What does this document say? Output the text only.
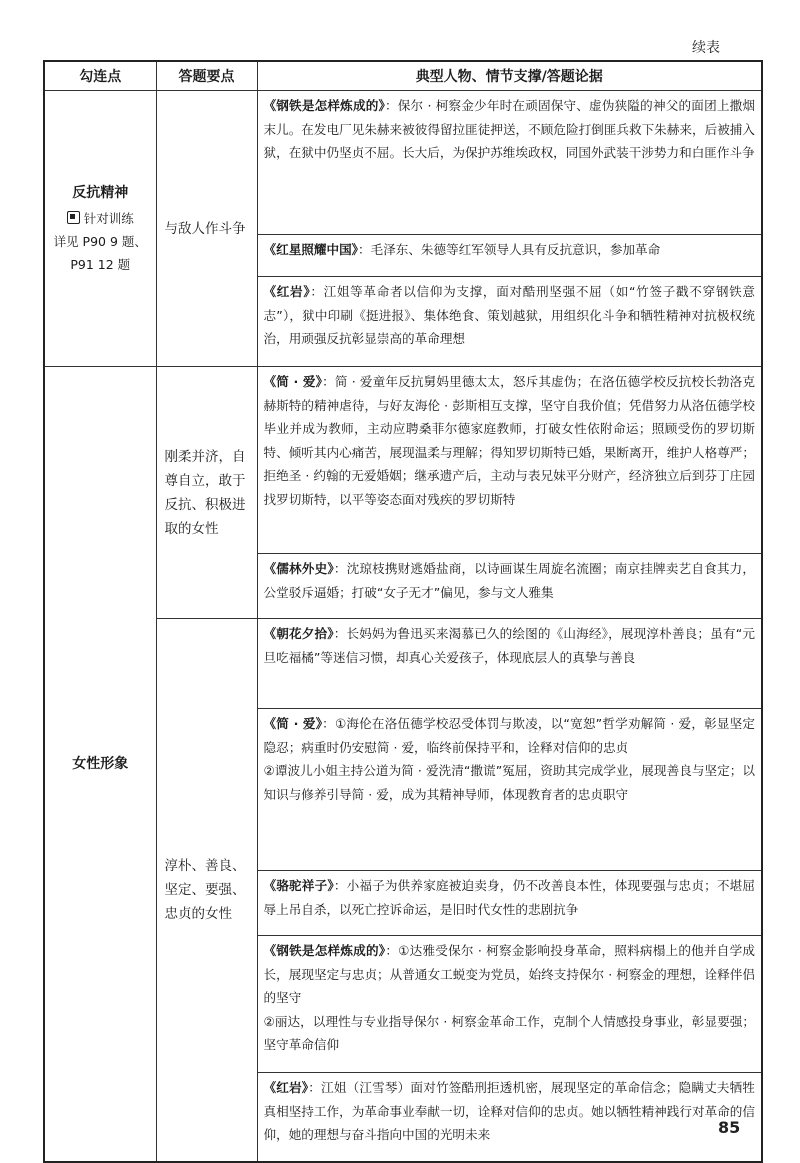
续表
勾连点	答题要点	典型人物、情节支撑/答题论据
反抗精神
针对训练
详见 P90 9 题、
P91 12 题	与敌人作斗争	《钢铁是怎样炼成的》：保尔 · 柯察金少年时在顽固保守、虚伪狭隘的神父的面团上撒烟末儿。在发电厂见朱赫来被彼得留拉匪徒押送，不顾危险打倒匪兵救下朱赫来，后被捕入狱，在狱中仍坚贞不屈。长大后，为保护苏维埃政权，同国外武装干涉势力和白匪作斗争
		《红星照耀中国》：毛泽东、朱德等红军领导人具有反抗意识，参加革命
		《红岩》：江姐等革命者以信仰为支撑，面对酷刑坚强不屈（如“竹签子戳不穿钢铁意志”），狱中印刷《挺进报》、集体绝食、策划越狱，用组织化斗争和牺牲精神对抗极权统治，用顽强反抗彰显崇高的革命理想
女性形象	刚柔并济，自尊自立，敢于反抗、积极进取的女性	《简 · 爱》：简 · 爱童年反抗舅妈里德太太，怒斥其虚伪；在洛伍德学校反抗校长勃洛克赫斯特的精神虐待，与好友海伦 · 彭斯相互支撑，坚守自我价值；凭借努力从洛伍德学校毕业并成为教师，主动应聘桑菲尔德家庭教师，打破女性依附命运；照顾受伤的罗切斯特、倾听其内心痛苦，展现温柔与理解；得知罗切斯特已婚，果断离开，维护人格尊严；拒绝圣 · 约翰的无爱婚姻；继承遗产后，主动与表兄妹平分财产，经济独立后到芬丁庄园找罗切斯特，以平等姿态面对残疾的罗切斯特
		《儒林外史》：沈琼枝携财逃婚盐商，以诗画谋生周旋名流圈；南京挂牌卖艺自食其力，公堂驳斥逼婚；打破“女子无才”偏见，参与文人雅集
	淳朴、善良、坚定、要强、忠贞的女性	《朝花夕拾》：长妈妈为鲁迅买来渴慕已久的绘图的《山海经》，展现淳朴善良；虽有“元旦吃福橘”等迷信习惯，却真心关爱孩子，体现底层人的真挚与善良
		《简 · 爱》：①海伦在洛伍德学校忍受体罚与欺凌，以“宽恕”哲学劝解简 · 爱，彰显坚定隐忍；病重时仍安慰简 · 爱，临终前保持平和，诠释对信仰的忠贞
②谭波儿小姐主持公道为简 · 爱洗清“撒谎”冤屈，资助其完成学业，展现善良与坚定；以知识与修养引导简 · 爱，成为其精神导师，体现教育者的忠贞职守
		《骆驼祥子》：小福子为供养家庭被迫卖身，仍不改善良本性，体现要强与忠贞；不堪屈辱上吊自杀，以死亡控诉命运，是旧时代女性的悲剧抗争
		《钢铁是怎样炼成的》：①达雅受保尔 · 柯察金影响投身革命，照料病榻上的他并自学成长，展现坚定与忠贞；从普通女工蜕变为党员，始终支持保尔 · 柯察金的理想，诠释伴侣的坚守
②丽达，以理性与专业指导保尔 · 柯察金革命工作，克制个人情感投身事业，彰显要强；坚守革命信仰
		《红岩》：江姐（江雪琴）面对竹签酷刑拒透机密，展现坚定的革命信念；隐瞒丈夫牺牲真相坚持工作，为革命事业奉献一切，诠释对信仰的忠贞。她以牺牲精神践行对革命的信仰，她的理想与奋斗指向中国的光明未来	85
